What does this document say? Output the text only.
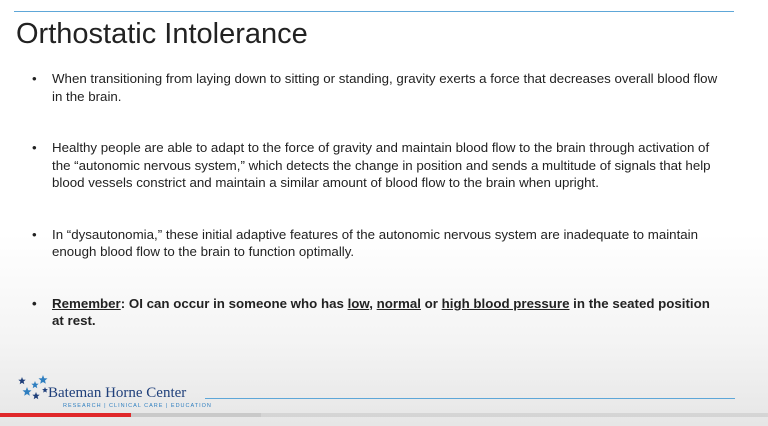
Orthostatic Intolerance
• When transitioning from laying down to sitting or standing, gravity exerts a force that decreases overall blood flow in the brain.
• Healthy people are able to adapt to the force of gravity and maintain blood flow to the brain through activation of the “autonomic nervous system,” which detects the change in position and sends a multitude of signals that help blood vessels constrict and maintain a similar amount of blood flow to the brain when upright.
• In “dysautonomia,” these initial adaptive features of the autonomic nervous system are inadequate to maintain enough blood flow to the brain to function optimally.
• Remember: OI can occur in someone who has low, normal or high blood pressure in the seated position at rest.
Bateman Horne Center
RESEARCH | CLINICAL CARE | EDUCATION
